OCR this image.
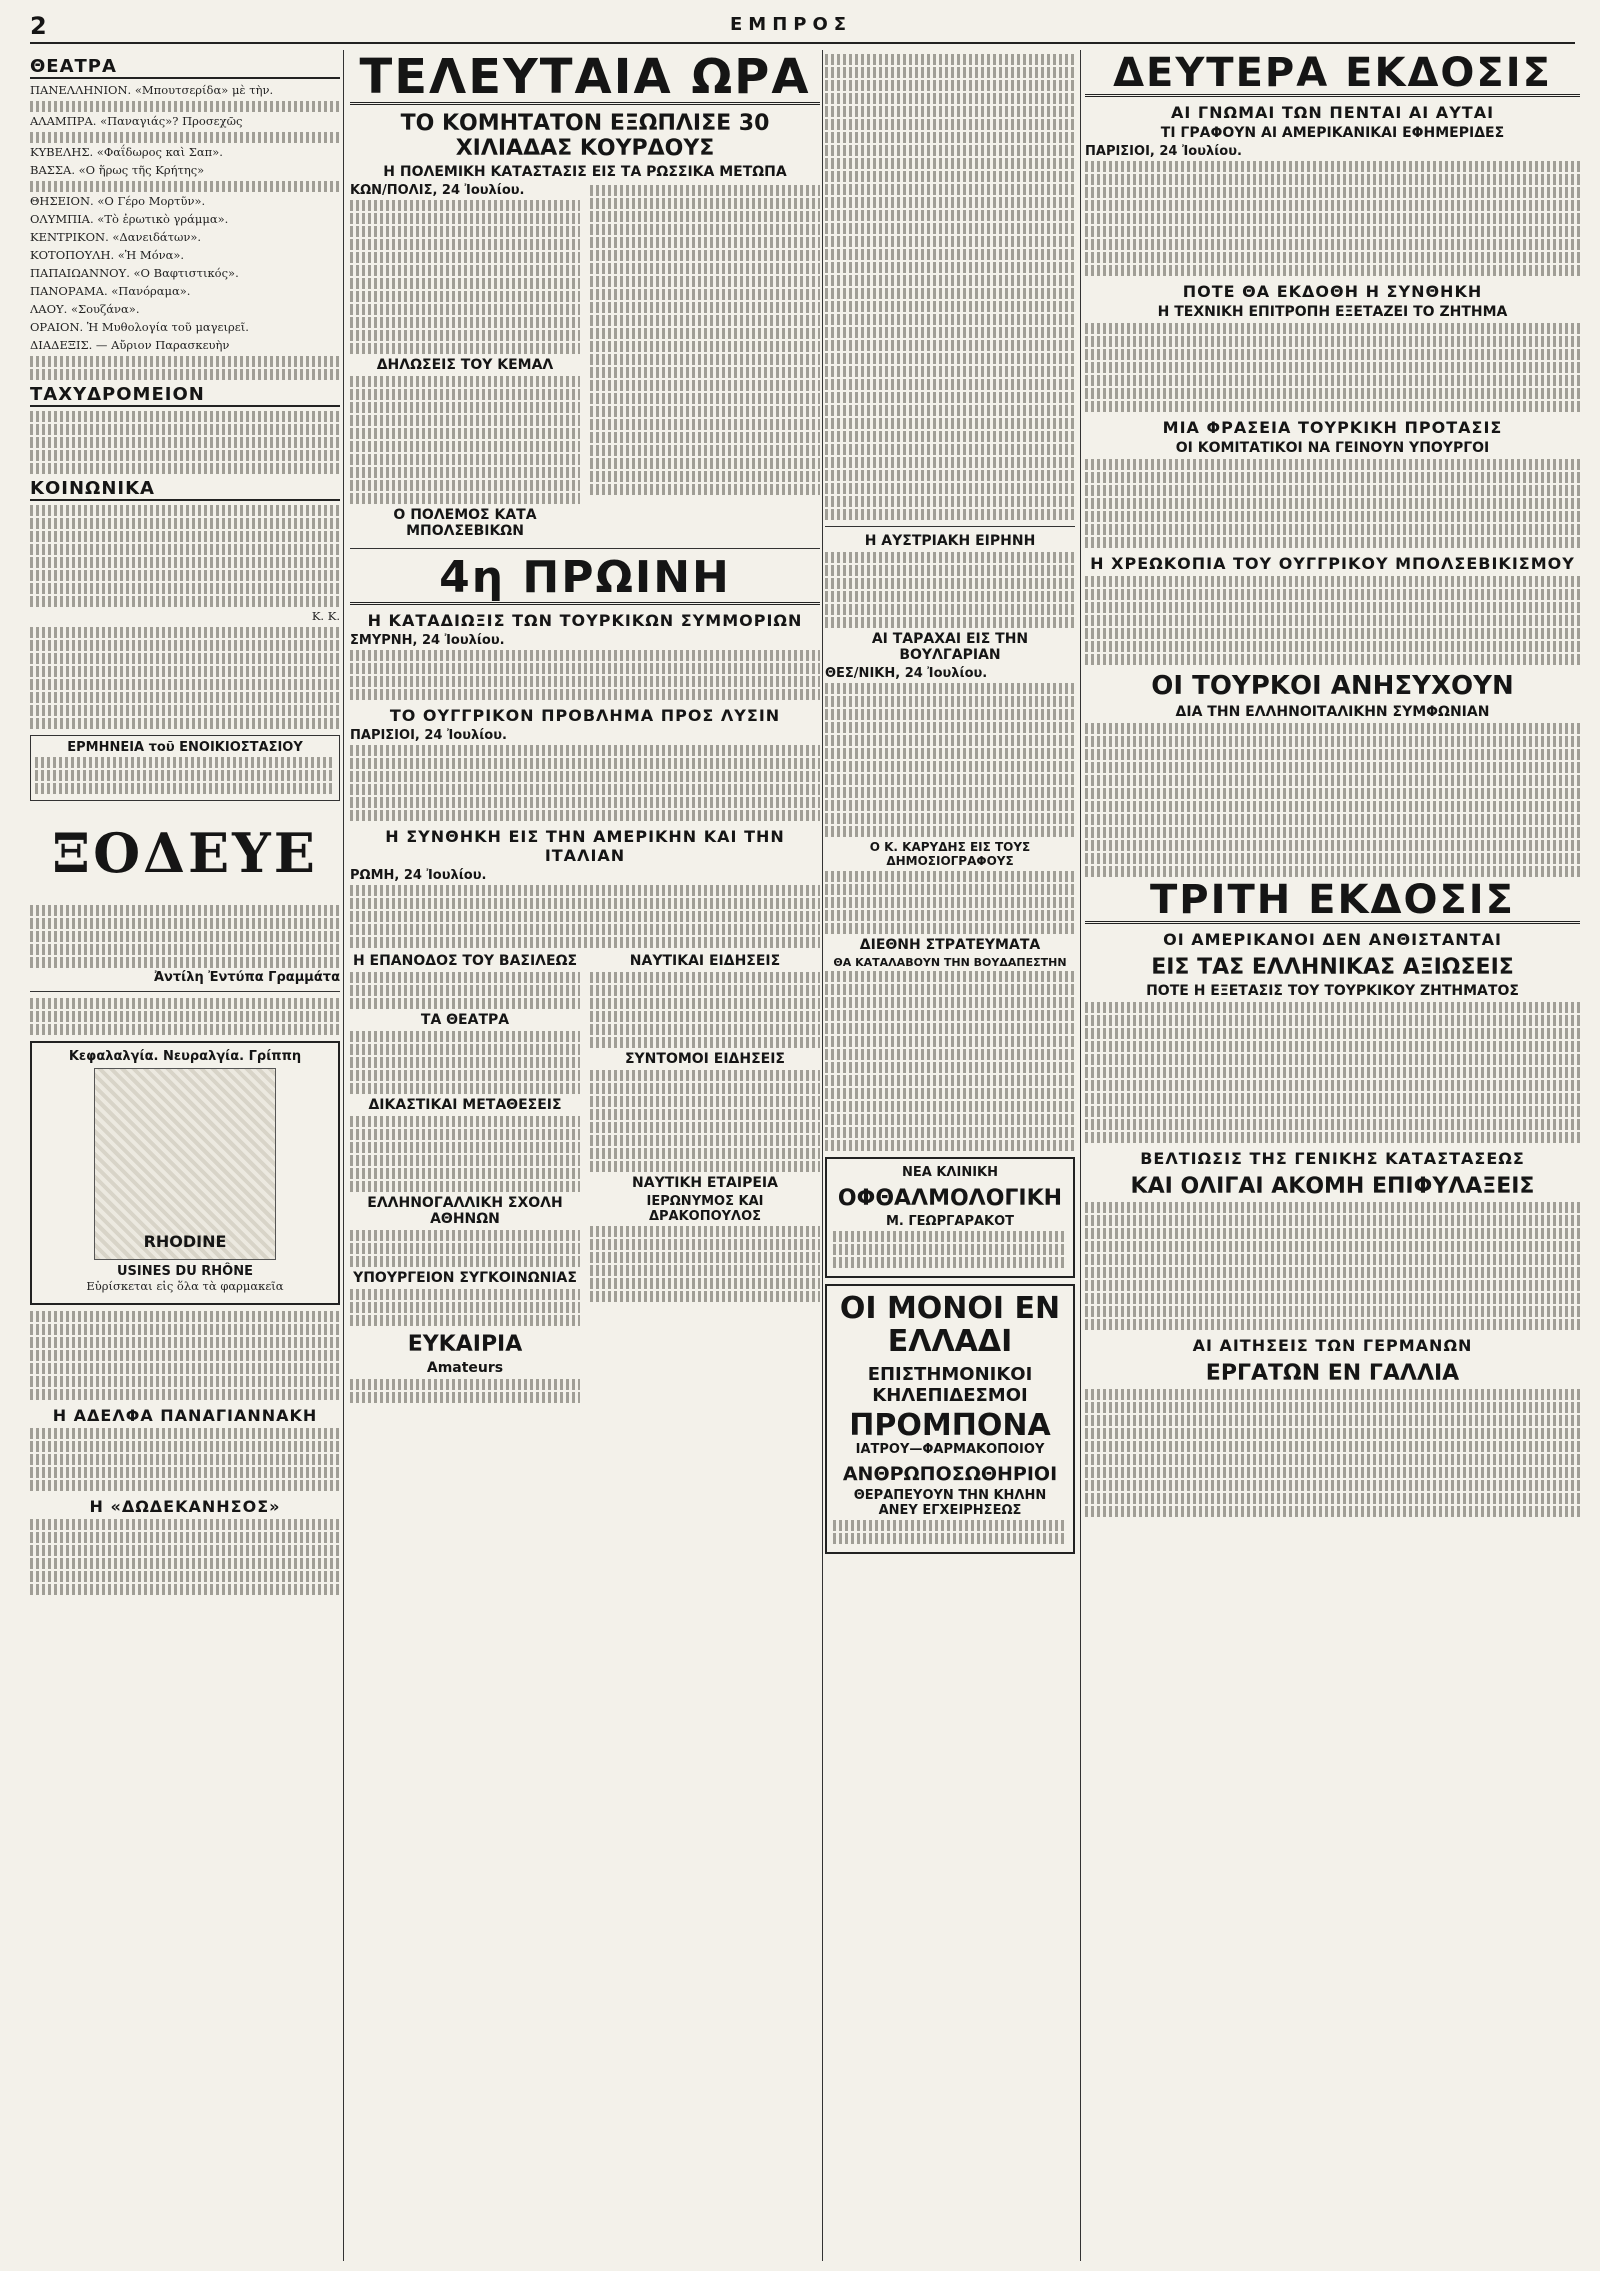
2	ΕΜΠΡΟΣ
ΘΕΑΤΡΑ
ΠΑΝΕΛΛΗΝΙΟΝ. «Μπουτσερίδα» μὲ τὴν.
ΑΛΑΜΠΡΑ. «Παναγιάς»? Προσεχῶς
ΚΥΒΕΛΗΣ. «Φαΐδωρος καὶ Σαπ».
ΒΑΣΣΑ. «Ο ἥρως τῆς Κρήτης»
ΘΗΣΕΙΟΝ. «Ο Γέρο Μορτῦν».
ΟΛΥΜΠΙΑ. «Τὸ ἐρωτικὸ γράμμα».
ΚΕΝΤΡΙΚΟΝ. «Δανειδάτων».
ΚΟΤΟΠΟΥΛΗ. «Ἡ Μόνα».
ΠΑΠΑΙΩΑΝΝΟΥ. «Ο Βαφτιστικός».
ΠΑΝΟΡΑΜΑ. «Πανόραμα».
ΛΑΟΥ. «Σουζάνα».
ΟΡΑΙΟΝ. Ἡ Μυθολογία τοῦ μαγειρεῖ.
ΔΙΑΔΕΞΙΣ. — Αὔριον Παρασκευὴν
ΤΑΧΥΔΡΟΜΕΙΟΝ
ΚΟΙΝΩΝΙΚΑ
Κ. Κ.
ΕΡΜΗΝΕΙΑ τοῦ ΕΝΟΙΚΙΟΣΤΑΣΙΟΥ
ΞΟΔΕΥΕ
Ἀντίλη Ἐντύπα Γραμμάτα
Κεφαλαλγία. Νευραλγία. Γρίππη
RHODINE
USINES DU RHÔNE
Εὑρίσκεται εἰς ὅλα τὰ φαρμακεῖα
Η ΑΔΕΛΦΑ ΠΑΝΑΓΙΑΝΝΑΚΗ
Η «ΔΩΔΕΚΑΝΗΣΟΣ»
ΤΕΛΕΥΤΑΙΑ ΩΡΑ
ΤΟ ΚΟΜΗΤΑΤΟΝ ΕΞΩΠΛΙΣΕ 30 ΧΙΛΙΑΔΑΣ ΚΟΥΡΔΟΥΣ
Η ΠΟΛΕΜΙΚΗ ΚΑΤΑΣΤΑΣΙΣ ΕΙΣ ΤΑ ΡΩΣΣΙΚΑ ΜΕΤΩΠΑ
ΚΩΝ/ΠΟΛΙΣ, 24 Ἰουλίου.
ΔΗΛΩΣΕΙΣ ΤΟΥ ΚΕΜΑΛ
Ο ΠΟΛΕΜΟΣ ΚΑΤΑ ΜΠΟΛΣΕΒΙΚΩΝ
4η ΠΡΩΙΝΗ
Η ΚΑΤΑΔΙΩΞΙΣ ΤΩΝ ΤΟΥΡΚΙΚΩΝ ΣΥΜΜΟΡΙΩΝ
ΣΜΥΡΝΗ, 24 Ἰουλίου.
ΤΟ ΟΥΓΓΡΙΚΟΝ ΠΡΟΒΛΗΜΑ ΠΡΟΣ ΛΥΣΙΝ
ΠΑΡΙΣΙΟΙ, 24 Ἰουλίου.
Η ΣΥΝΘΗΚΗ ΕΙΣ ΤΗΝ ΑΜΕΡΙΚΗΝ ΚΑΙ ΤΗΝ ΙΤΑΛΙΑΝ
ΡΩΜΗ, 24 Ἰουλίου.
Η ΕΠΑΝΟΔΟΣ ΤΟΥ ΒΑΣΙΛΕΩΣ
ΤΑ ΘΕΑΤΡΑ
ΔΙΚΑΣΤΙΚΑΙ ΜΕΤΑΘΕΣΕΙΣ
ΕΛΛΗΝΟΓΑΛΛΙΚΗ ΣΧΟΛΗ ΑΘΗΝΩΝ
ΥΠΟΥΡΓΕΙΟΝ ΣΥΓΚΟΙΝΩΝΙΑΣ
ΕΥΚΑΙΡΙΑ
Amateurs
ΝΑΥΤΙΚΑΙ ΕΙΔΗΣΕΙΣ
ΣΥΝΤΟΜΟΙ ΕΙΔΗΣΕΙΣ
ΝΑΥΤΙΚΗ ΕΤΑΙΡΕΙΑ
ΙΕΡΩΝΥΜΟΣ ΚΑΙ ΔΡΑΚΟΠΟΥΛΟΣ
Η ΑΥΣΤΡΙΑΚΗ ΕΙΡΗΝΗ
ΑΙ ΤΑΡΑΧΑΙ ΕΙΣ ΤΗΝ ΒΟΥΛΓΑΡΙΑΝ
ΘΕΣ/ΝΙΚΗ, 24 Ἰουλίου.
Ο Κ. ΚΑΡΥΔΗΣ ΕΙΣ ΤΟΥΣ ΔΗΜΟΣΙΟΓΡΑΦΟΥΣ
ΔΙΕΘΝΗ ΣΤΡΑΤΕΥΜΑΤΑ
ΘΑ ΚΑΤΑΛΑΒΟΥΝ ΤΗΝ ΒΟΥΔΑΠΕΣΤΗΝ
ΝΕΑ ΚΛΙΝΙΚΗ
ΟΦΘΑΛΜΟΛΟΓΙΚΗ
Μ. ΓΕΩΡΓΑΡΑΚΟΤ
ΟΙ ΜΟΝΟΙ ΕΝ ΕΛΛΑΔΙ
ΕΠΙΣΤΗΜΟΝΙΚΟΙ ΚΗΛΕΠΙΔΕΣΜΟΙ
ΠΡΟΜΠΟΝΑ
ΙΑΤΡΟΥ—ΦΑΡΜΑΚΟΠΟΙΟΥ
ΑΝΘΡΩΠΟΣΩΘΗΡΙΟΙ
ΘΕΡΑΠΕΥΟΥΝ ΤΗΝ ΚΗΛΗΝ
ΑΝΕΥ ΕΓΧΕΙΡΗΣΕΩΣ
ΔΕΥΤΕΡΑ ΕΚΔΟΣΙΣ
ΑΙ ΓΝΩΜΑΙ ΤΩΝ ΠΕΝΤΑΙ ΑΙ ΑΥΤΑΙ
ΤΙ ΓΡΑΦΟΥΝ ΑΙ ΑΜΕΡΙΚΑΝΙΚΑΙ ΕΦΗΜΕΡΙΔΕΣ
ΠΑΡΙΣΙΟΙ, 24 Ἰουλίου.
ΠΟΤΕ ΘΑ ΕΚΔΟΘΗ Η ΣΥΝΘΗΚΗ
Η ΤΕΧΝΙΚΗ ΕΠΙΤΡΟΠΗ ΕΞΕΤΑΖΕΙ ΤΟ ΖΗΤΗΜΑ
ΜΙΑ ΦΡΑΣΕΙΑ ΤΟΥΡΚΙΚΗ ΠΡΟΤΑΣΙΣ
ΟΙ ΚΟΜΙΤΑΤΙΚΟΙ ΝΑ ΓΕΙΝΟΥΝ ΥΠΟΥΡΓΟΙ
Η ΧΡΕΩΚΟΠΙΑ ΤΟΥ ΟΥΓΓΡΙΚΟΥ ΜΠΟΛΣΕΒΙΚΙΣΜΟΥ
ΟΙ ΤΟΥΡΚΟΙ ΑΝΗΣΥΧΟΥΝ
ΔΙΑ ΤΗΝ ΕΛΛΗΝΟΙΤΑΛΙΚΗΝ ΣΥΜΦΩΝΙΑΝ
ΤΡΙΤΗ ΕΚΔΟΣΙΣ
ΟΙ ΑΜΕΡΙΚΑΝΟΙ ΔΕΝ ΑΝΘΙΣΤΑΝΤΑΙ
ΕΙΣ ΤΑΣ ΕΛΛΗΝΙΚΑΣ ΑΞΙΩΣΕΙΣ
ΠΟΤΕ Η ΕΞΕΤΑΣΙΣ ΤΟΥ ΤΟΥΡΚΙΚΟΥ ΖΗΤΗΜΑΤΟΣ
ΒΕΛΤΙΩΣΙΣ ΤΗΣ ΓΕΝΙΚΗΣ ΚΑΤΑΣΤΑΣΕΩΣ
ΚΑΙ ΟΛΙΓΑΙ ΑΚΟΜΗ ΕΠΙΦΥΛΑΞΕΙΣ
ΑΙ ΑΙΤΗΣΕΙΣ ΤΩΝ ΓΕΡΜΑΝΩΝ
ΕΡΓΑΤΩΝ ΕΝ ΓΑΛΛΙΑ
